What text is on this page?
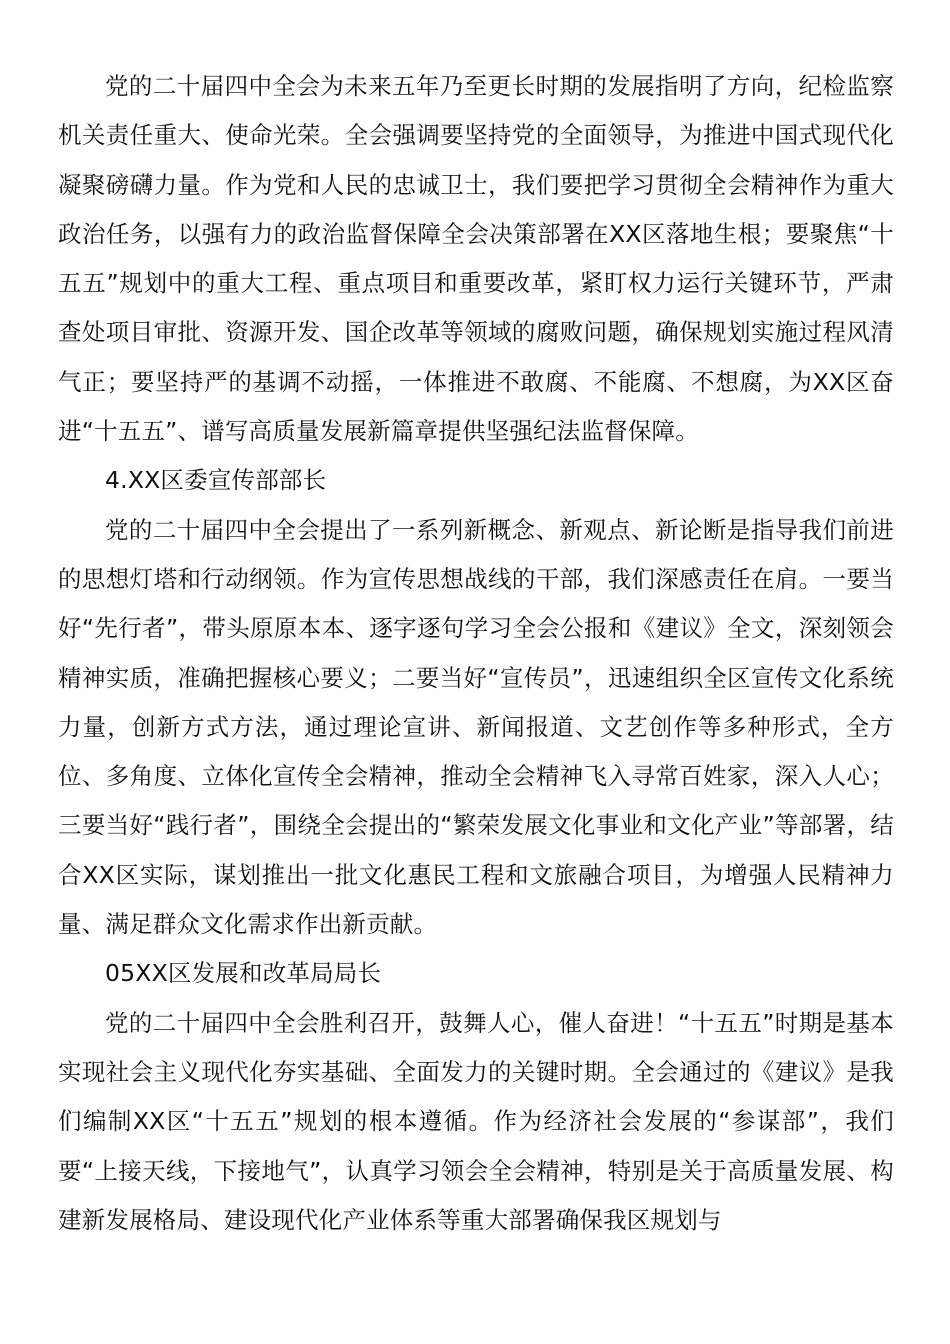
党的二十届四中全会为未来五年乃至更长时期的发展指明了方向，纪检监察机关责任重大、使命光荣。全会强调要坚持党的全面领导，为推进中国式现代化凝聚磅礴力量。作为党和人民的忠诚卫士，我们要把学习贯彻全会精神作为重大政治任务，以强有力的政治监督保障全会决策部署在XX区落地生根；要聚焦“十五五”规划中的重大工程、重点项目和重要改革，紧盯权力运行关键环节，严肃查处项目审批、资源开发、国企改革等领域的腐败问题，确保规划实施过程风清气正；要坚持严的基调不动摇，一体推进不敢腐、不能腐、不想腐，为XX区奋进“十五五”、谱写高质量发展新篇章提供坚强纪法监督保障。

4.XX区委宣传部部长

党的二十届四中全会提出了一系列新概念、新观点、新论断是指导我们前进的思想灯塔和行动纲领。作为宣传思想战线的干部，我们深感责任在肩。一要当好“先行者”，带头原原本本、逐字逐句学习全会公报和《建议》全文，深刻领会精神实质，准确把握核心要义；二要当好“宣传员”，迅速组织全区宣传文化系统力量，创新方式方法，通过理论宣讲、新闻报道、文艺创作等多种形式，全方位、多角度、立体化宣传全会精神，推动全会精神飞入寻常百姓家，深入人心；三要当好“践行者”，围绕全会提出的“繁荣发展文化事业和文化产业”等部署，结合XX区实际，谋划推出一批文化惠民工程和文旅融合项目，为增强人民精神力量、满足群众文化需求作出新贡献。

05XX区发展和改革局局长

党的二十届四中全会胜利召开，鼓舞人心，催人奋进！“十五五”时期是基本实现社会主义现代化夯实基础、全面发力的关键时期。全会通过的《建议》是我们编制XX区“十五五”规划的根本遵循。作为经济社会发展的“参谋部”，我们要“上接天线，下接地气”，认真学习领会全会精神，特别是关于高质量发展、构建新发展格局、建设现代化产业体系等重大部署确保我区规划与
